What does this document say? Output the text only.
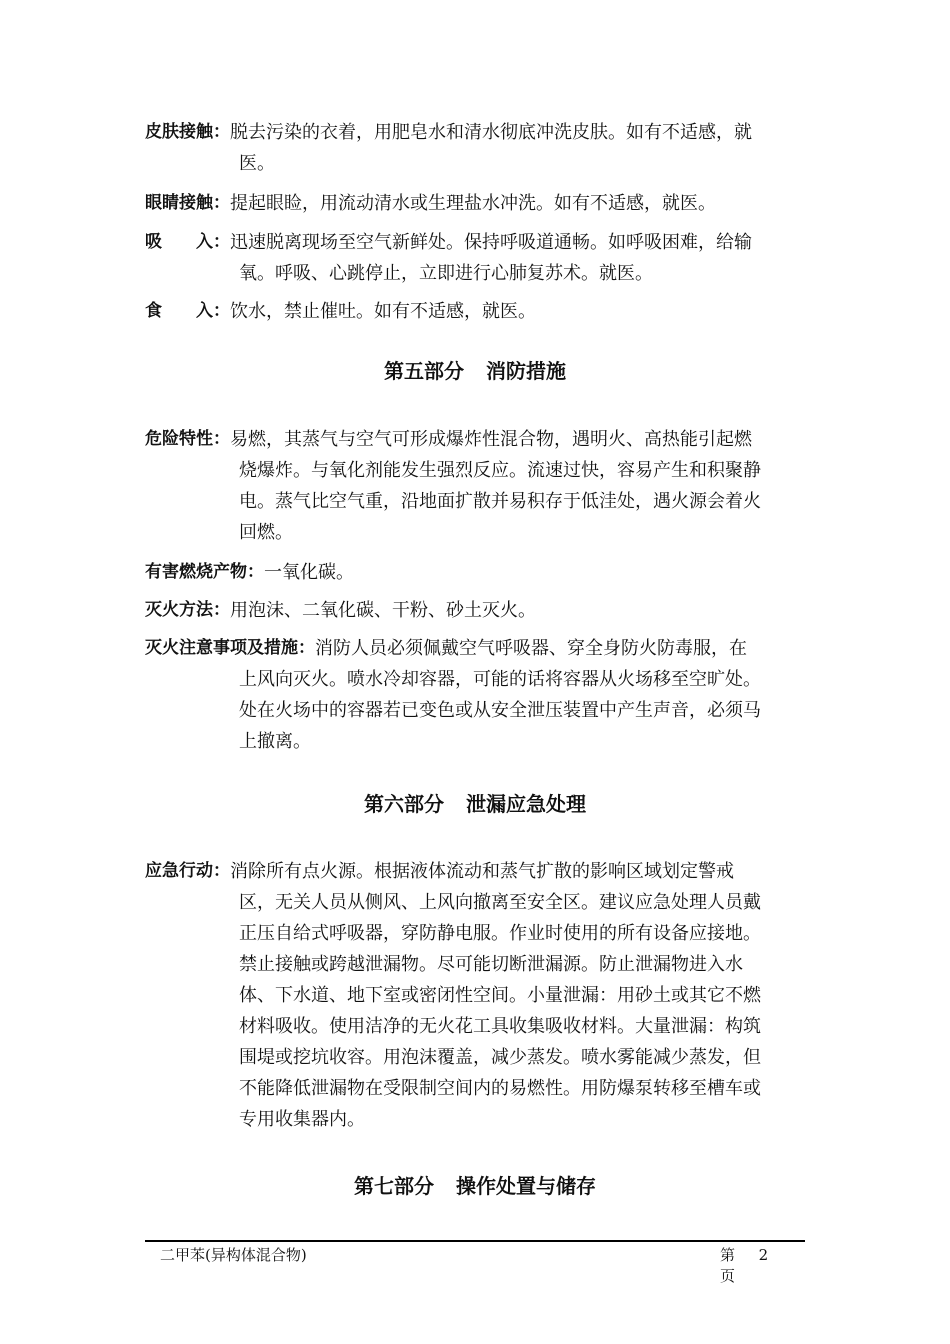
皮肤接触： 脱去污染的衣着，用肥皂水和清水彻底冲洗皮肤。如有不适感，就
医。
眼睛接触： 提起眼睑，用流动清水或生理盐水冲洗。如有不适感，就医。
吸　　入： 迅速脱离现场至空气新鲜处。保持呼吸道通畅。如呼吸困难，给输
氧。呼吸、心跳停止，立即进行心肺复苏术。就医。
食　　入： 饮水，禁止催吐。如有不适感，就医。
第五部分 消防措施
危险特性： 易燃，其蒸气与空气可形成爆炸性混合物，遇明火、高热能引起燃
烧爆炸。与氧化剂能发生强烈反应。流速过快，容易产生和积聚静
电。蒸气比空气重，沿地面扩散并易积存于低洼处，遇火源会着火
回燃。
有害燃烧产物： 一氧化碳。
灭火方法： 用泡沫、二氧化碳、干粉、砂土灭火。
灭火注意事项及措施： 消防人员必须佩戴空气呼吸器、穿全身防火防毒服，在
上风向灭火。喷水冷却容器，可能的话将容器从火场移至空旷处。
处在火场中的容器若已变色或从安全泄压装置中产生声音，必须马
上撤离。
第六部分 泄漏应急处理
应急行动： 消除所有点火源。根据液体流动和蒸气扩散的影响区域划定警戒
区，无关人员从侧风、上风向撤离至安全区。建议应急处理人员戴
正压自给式呼吸器，穿防静电服。作业时使用的所有设备应接地。
禁止接触或跨越泄漏物。尽可能切断泄漏源。防止泄漏物进入水
体、下水道、地下室或密闭性空间。小量泄漏：用砂土或其它不燃
材料吸收。使用洁净的无火花工具收集吸收材料。大量泄漏：构筑
围堤或挖坑收容。用泡沫覆盖，减少蒸发。喷水雾能减少蒸发，但
不能降低泄漏物在受限制空间内的易燃性。用防爆泵转移至槽车或
专用收集器内。
第七部分 操作处置与储存
二甲苯(异构体混合物)	第 2  页
